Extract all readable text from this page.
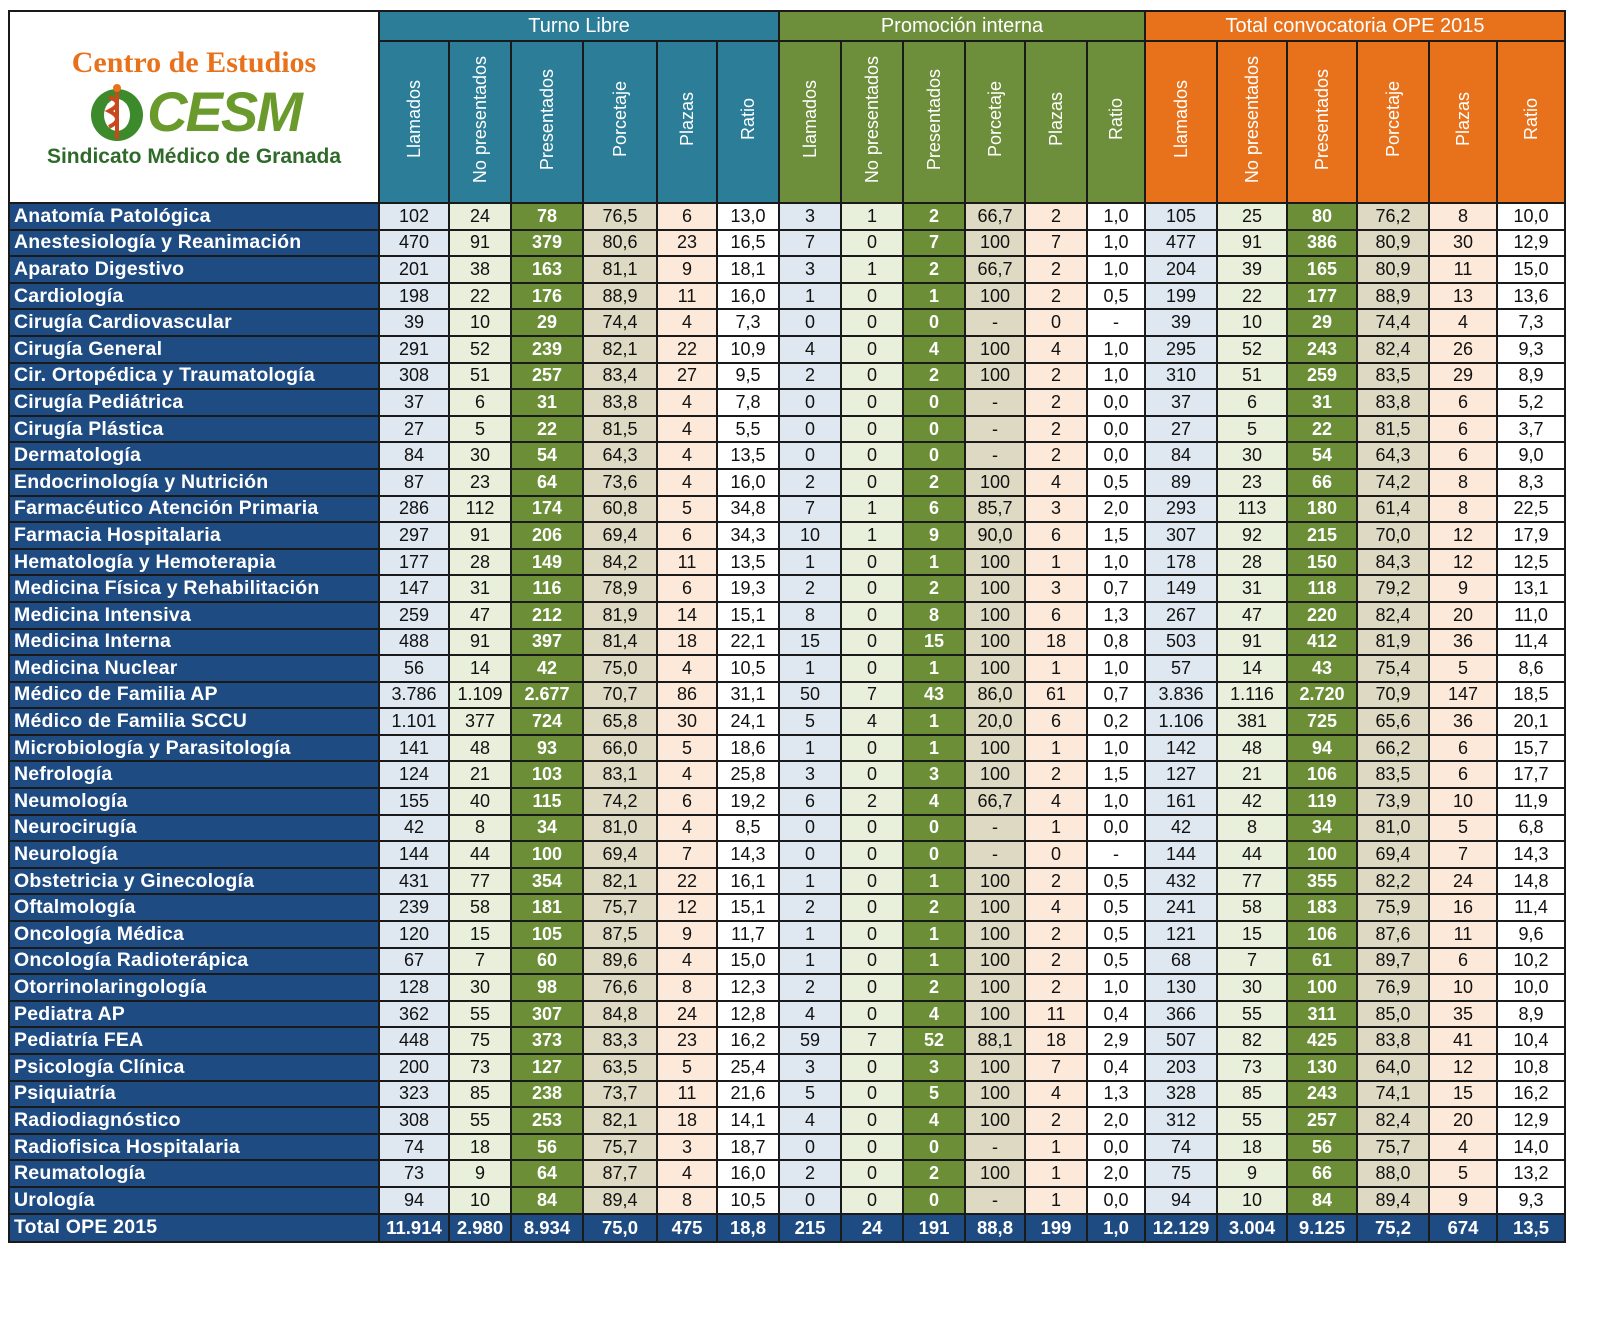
Centro de Estudios
CESM
Sindicato Médico de Granada	Turno Libre						Promoción interna						Total convocatoria OPE 2015					
	Llamados	No presentados	Presentados	Porcetaje	Plazas	Ratio	Llamados	No presentados	Presentados	Porcetaje	Plazas	Ratio	Llamados	No presentados	Presentados	Porcetaje	Plazas	Ratio
Anatomía Patológica	102	24	78	76,5	6	13,0	3	1	2	66,7	2	1,0	105	25	80	76,2	8	10,0
Anestesiología y Reanimación	470	91	379	80,6	23	16,5	7	0	7	100	7	1,0	477	91	386	80,9	30	12,9
Aparato Digestivo	201	38	163	81,1	9	18,1	3	1	2	66,7	2	1,0	204	39	165	80,9	11	15,0
Cardiología	198	22	176	88,9	11	16,0	1	0	1	100	2	0,5	199	22	177	88,9	13	13,6
Cirugía Cardiovascular	39	10	29	74,4	4	7,3	0	0	0	-	0	-	39	10	29	74,4	4	7,3
Cirugía General	291	52	239	82,1	22	10,9	4	0	4	100	4	1,0	295	52	243	82,4	26	9,3
Cir. Ortopédica y Traumatología	308	51	257	83,4	27	9,5	2	0	2	100	2	1,0	310	51	259	83,5	29	8,9
Cirugía Pediátrica	37	6	31	83,8	4	7,8	0	0	0	-	2	0,0	37	6	31	83,8	6	5,2
Cirugía Plástica	27	5	22	81,5	4	5,5	0	0	0	-	2	0,0	27	5	22	81,5	6	3,7
Dermatología	84	30	54	64,3	4	13,5	0	0	0	-	2	0,0	84	30	54	64,3	6	9,0
Endocrinología y Nutrición	87	23	64	73,6	4	16,0	2	0	2	100	4	0,5	89	23	66	74,2	8	8,3
Farmacéutico Atención Primaria	286	112	174	60,8	5	34,8	7	1	6	85,7	3	2,0	293	113	180	61,4	8	22,5
Farmacia Hospitalaria	297	91	206	69,4	6	34,3	10	1	9	90,0	6	1,5	307	92	215	70,0	12	17,9
Hematología y Hemoterapia	177	28	149	84,2	11	13,5	1	0	1	100	1	1,0	178	28	150	84,3	12	12,5
Medicina Física y Rehabilitación	147	31	116	78,9	6	19,3	2	0	2	100	3	0,7	149	31	118	79,2	9	13,1
Medicina Intensiva	259	47	212	81,9	14	15,1	8	0	8	100	6	1,3	267	47	220	82,4	20	11,0
Medicina Interna	488	91	397	81,4	18	22,1	15	0	15	100	18	0,8	503	91	412	81,9	36	11,4
Medicina Nuclear	56	14	42	75,0	4	10,5	1	0	1	100	1	1,0	57	14	43	75,4	5	8,6
Médico de Familia AP	3.786	1.109	2.677	70,7	86	31,1	50	7	43	86,0	61	0,7	3.836	1.116	2.720	70,9	147	18,5
Médico de Familia SCCU	1.101	377	724	65,8	30	24,1	5	4	1	20,0	6	0,2	1.106	381	725	65,6	36	20,1
Microbiología y Parasitología	141	48	93	66,0	5	18,6	1	0	1	100	1	1,0	142	48	94	66,2	6	15,7
Nefrología	124	21	103	83,1	4	25,8	3	0	3	100	2	1,5	127	21	106	83,5	6	17,7
Neumología	155	40	115	74,2	6	19,2	6	2	4	66,7	4	1,0	161	42	119	73,9	10	11,9
Neurocirugía	42	8	34	81,0	4	8,5	0	0	0	-	1	0,0	42	8	34	81,0	5	6,8
Neurología	144	44	100	69,4	7	14,3	0	0	0	-	0	-	144	44	100	69,4	7	14,3
Obstetricia y Ginecología	431	77	354	82,1	22	16,1	1	0	1	100	2	0,5	432	77	355	82,2	24	14,8
Oftalmología	239	58	181	75,7	12	15,1	2	0	2	100	4	0,5	241	58	183	75,9	16	11,4
Oncología Médica	120	15	105	87,5	9	11,7	1	0	1	100	2	0,5	121	15	106	87,6	11	9,6
Oncología Radioterápica	67	7	60	89,6	4	15,0	1	0	1	100	2	0,5	68	7	61	89,7	6	10,2
Otorrinolaringología	128	30	98	76,6	8	12,3	2	0	2	100	2	1,0	130	30	100	76,9	10	10,0
Pediatra AP	362	55	307	84,8	24	12,8	4	0	4	100	11	0,4	366	55	311	85,0	35	8,9
Pediatría FEA	448	75	373	83,3	23	16,2	59	7	52	88,1	18	2,9	507	82	425	83,8	41	10,4
Psicología Clínica	200	73	127	63,5	5	25,4	3	0	3	100	7	0,4	203	73	130	64,0	12	10,8
Psiquiatría	323	85	238	73,7	11	21,6	5	0	5	100	4	1,3	328	85	243	74,1	15	16,2
Radiodiagnóstico	308	55	253	82,1	18	14,1	4	0	4	100	2	2,0	312	55	257	82,4	20	12,9
Radiofisica Hospitalaria	74	18	56	75,7	3	18,7	0	0	0	-	1	0,0	74	18	56	75,7	4	14,0
Reumatología	73	9	64	87,7	4	16,0	2	0	2	100	1	2,0	75	9	66	88,0	5	13,2
Urología	94	10	84	89,4	8	10,5	0	0	0	-	1	0,0	94	10	84	89,4	9	9,3
Total OPE 2015	11.914	2.980	8.934	75,0	475	18,8	215	24	191	88,8	199	1,0	12.129	3.004	9.125	75,2	674	13,5
